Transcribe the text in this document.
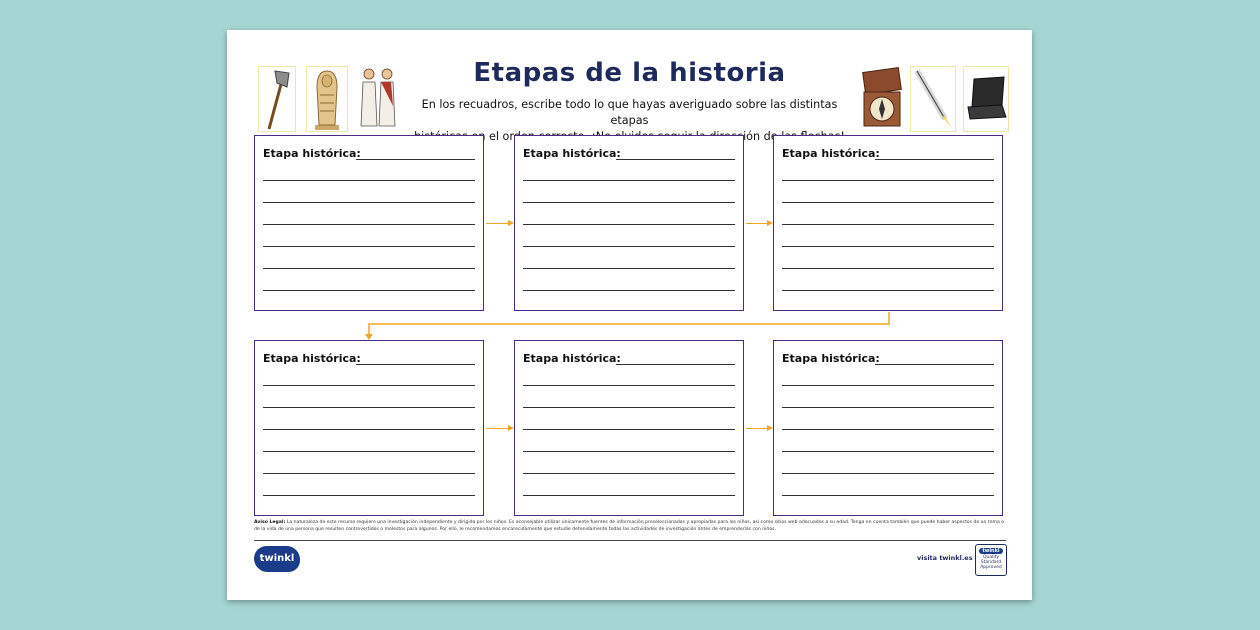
Etapas de la historia
En los recuadros, escribe todo lo que hayas averiguado sobre las distintas etapas
el de
Etapa histórica:	Etapa histórica:	Etapa histórica:
Etapa histórica:	Etapa histórica:	Etapa histórica:
Aviso Legal: La naturaleza de este recurso requiere una investigación independiente y dirigida por los niños. Es aconsejable utilizar únicamente fuentes de información preseleccionadas y apropiadas para los niños, así como sitios web adecuados a su edad. Tenga en cuenta también que puede haber aspectos de un tema o de la vida de una persona que resulten controvertidos o molestos para algunos. Por ello, le recomendamos encarecidamente que estudie detenidamente todas las actividades de investigación antes de emprenderlas con niños.
twinkl	visita twinkl.es
twinkl
Quality Standard
Approved
